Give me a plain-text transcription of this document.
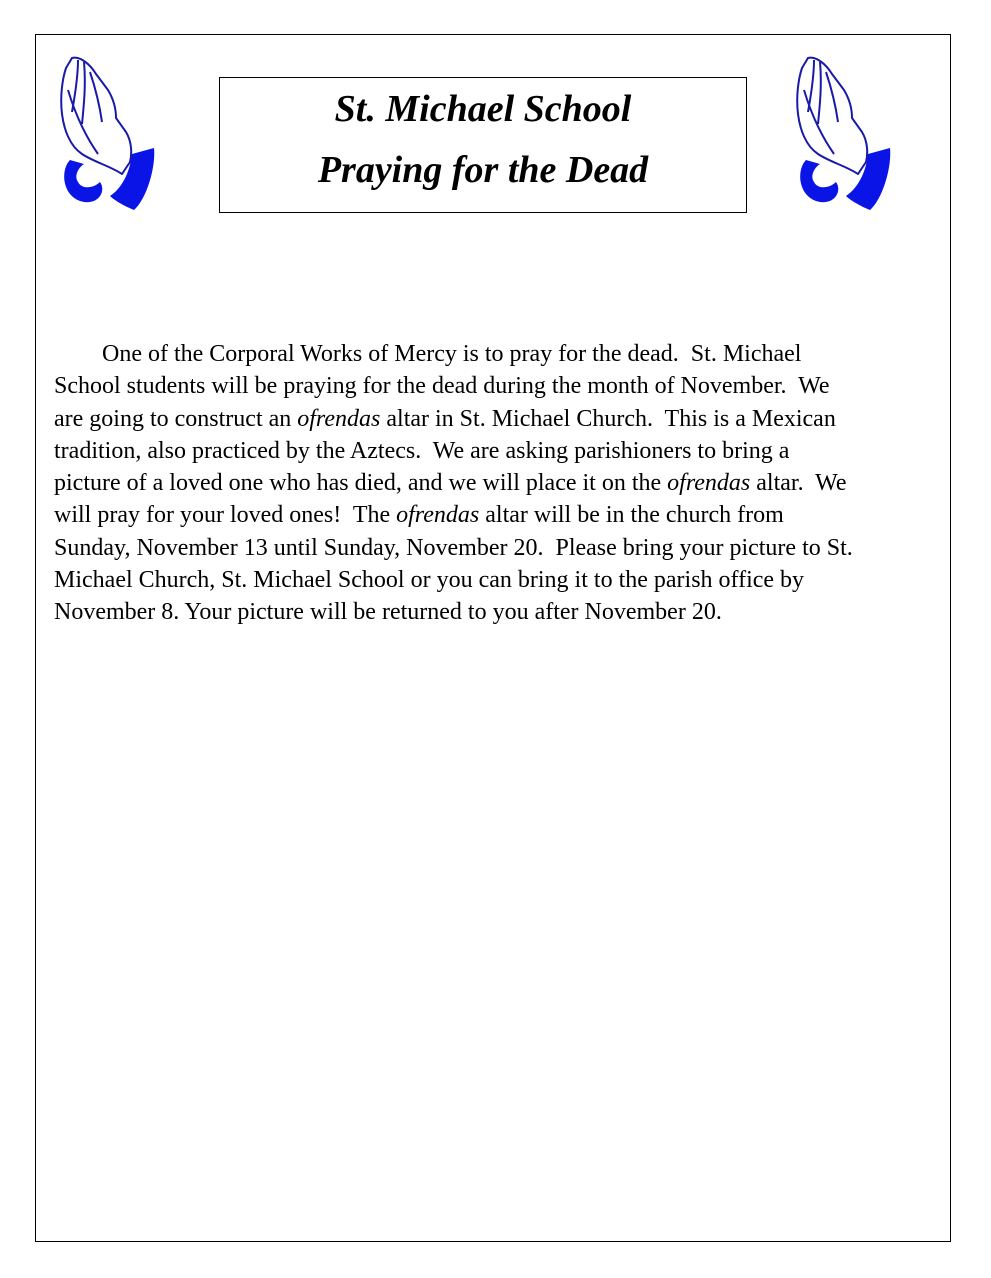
St. Michael School
Praying for the Dead
One of the Corporal Works of Mercy is to pray for the dead.  St. Michael
School students will be praying for the dead during the month of November.  We
are going to construct an ofrendas altar in St. Michael Church.  This is a Mexican
tradition, also practiced by the Aztecs.  We are asking parishioners to bring a
picture of a loved one who has died, and we will place it on the ofrendas altar.  We
will pray for your loved ones!  The ofrendas altar will be in the church from
Sunday, November 13 until Sunday, November 20.  Please bring your picture to St.
Michael Church, St. Michael School or you can bring it to the parish office by
November 8. Your picture will be returned to you after November 20.
